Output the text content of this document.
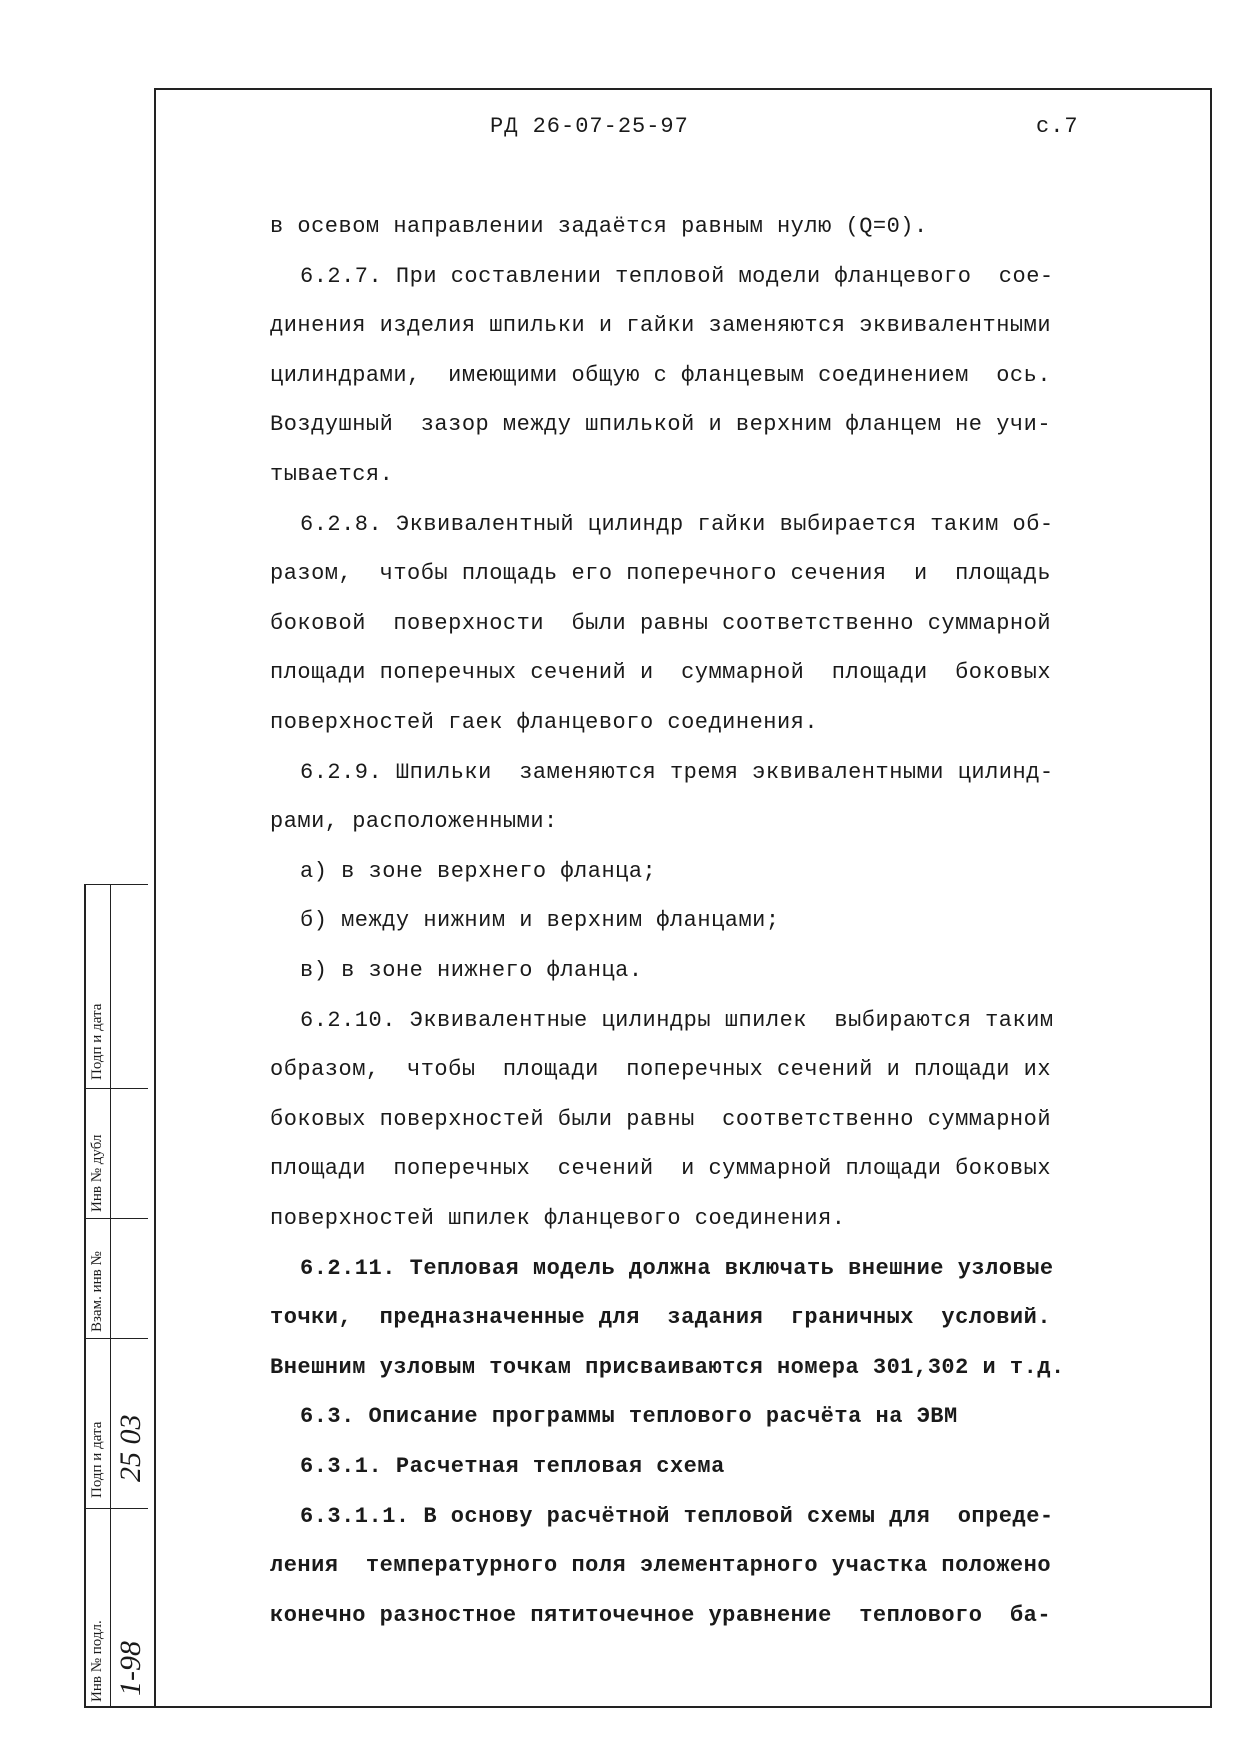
РД 26-07-25-97	с.7
в осевом направлении задаётся равным нулю (Q=0).
6.2.7. При составлении тепловой модели фланцевого  сое-
динения изделия шпильки и гайки заменяются эквивалентными
цилиндрами,  имеющими общую с фланцевым соединением  ось.
Воздушный  зазор между шпилькой и верхним фланцем не учи-
тывается.
6.2.8. Эквивалентный цилиндр гайки выбирается таким об-
разом,  чтобы площадь его поперечного сечения  и  площадь
боковой  поверхности  были равны соответственно суммарной
площади поперечных сечений и  суммарной  площади  боковых
поверхностей гаек фланцевого соединения.
6.2.9. Шпильки  заменяются тремя эквивалентными цилинд-
рами, расположенными:
а) в зоне верхнего фланца;
б) между нижним и верхним фланцами;
в) в зоне нижнего фланца.
6.2.10. Эквивалентные цилиндры шпилек  выбираются таким
образом,  чтобы  площади  поперечных сечений и площади их
боковых поверхностей были равны  соответственно суммарной
площади  поперечных  сечений  и суммарной площади боковых
поверхностей шпилек фланцевого соединения.
6.2.11. Тепловая модель должна включать внешние узловые
точки,  предназначенные для  задания  граничных  условий.
Внешним узловым точкам присваиваются номера 301,302 и т.д.
6.3. Описание программы теплового расчёта на ЭВМ
6.3.1. Расчетная тепловая схема
6.3.1.1. В основу расчётной тепловой схемы для  опреде-
ления  температурного поля элементарного участка положено
конечно разностное пятиточечное уравнение  теплового  ба-
Инв № подл. 1-98
Подп и дата 25 03
Взам. инв №
Инв № дубл
Подп и дата
